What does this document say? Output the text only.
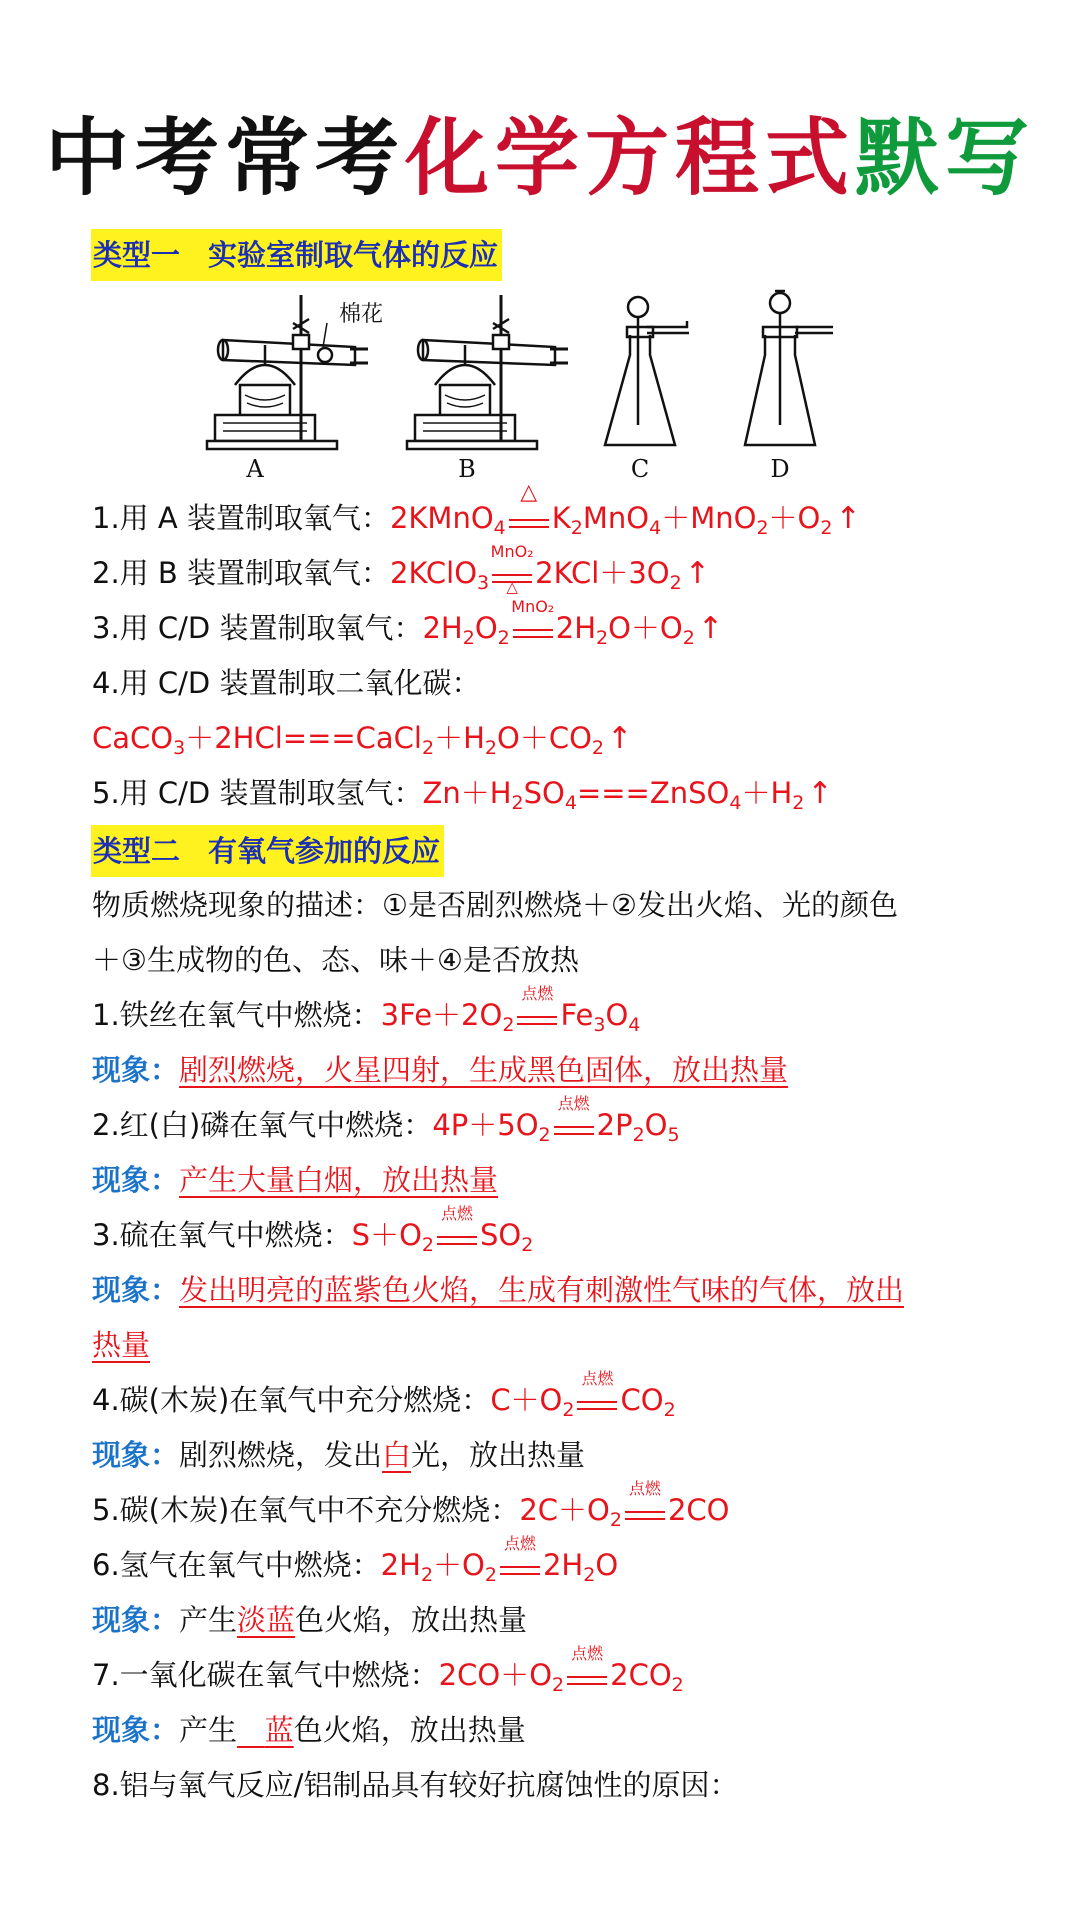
中考常考化学方程式默写
类型一 实验室制取气体的反应
棉花
A	B	C	D
1.用 A 装置制取氧气：2KMnO$_4$
△
$K_2MnO_4+MnO_2+O_2$ ↑
2.用 B 装置制取氧气：2KClO$_3$
MnO₂
△ $2KCl+3O_2$ ↑
3.用 C/D 装置制取氧气：$2H_2O_2$
MnO₂
$2H_2O+O_2$ ↑
4.用 C/D 装置制取二氧化碳：
$CaCO_3+2HCl===CaCl_2+H_2O+CO_2$ ↑
5.用 C/D 装置制取氢气：$Zn+H_2SO_4===ZnSO_4+H_2$ ↑
类型二 有氧气参加的反应
物质燃烧现象的描述：①是否剧烈燃烧＋②发出火焰、光的颜色
＋③生成物的色、态、味＋④是否放热
1.铁丝在氧气中燃烧：$3Fe+2O_2$
点燃
$Fe_3O_4$
现象：剧烈燃烧，火星四射，生成黑色固体，放出热量
2.红(白)磷在氧气中燃烧：$4P+5O_2$
点燃
$2P_2O_5$
现象：产生大量白烟，放出热量
3.硫在氧气中燃烧：$S+O_2$
点燃
$SO_2$
现象：发出明亮的蓝紫色火焰，生成有刺激性气味的气体，放出
热量
4.碳(木炭)在氧气中充分燃烧：$C+O_2$
点燃
$CO_2$
现象：剧烈燃烧，发出白光，放出热量
5.碳(木炭)在氧气中不充分燃烧：$2C+O_2$
点燃
2CO
6.氢气在氧气中燃烧：$2H_2+O_2$
点燃
$2H_2O$
现象：产生淡蓝色火焰，放出热量
7.一氧化碳在氧气中燃烧：$2CO+O_2$
点燃
$2CO_2$
现象：产生 蓝色火焰，放出热量
8.铝与氧气反应/铝制品具有较好抗腐蚀性的原因：
